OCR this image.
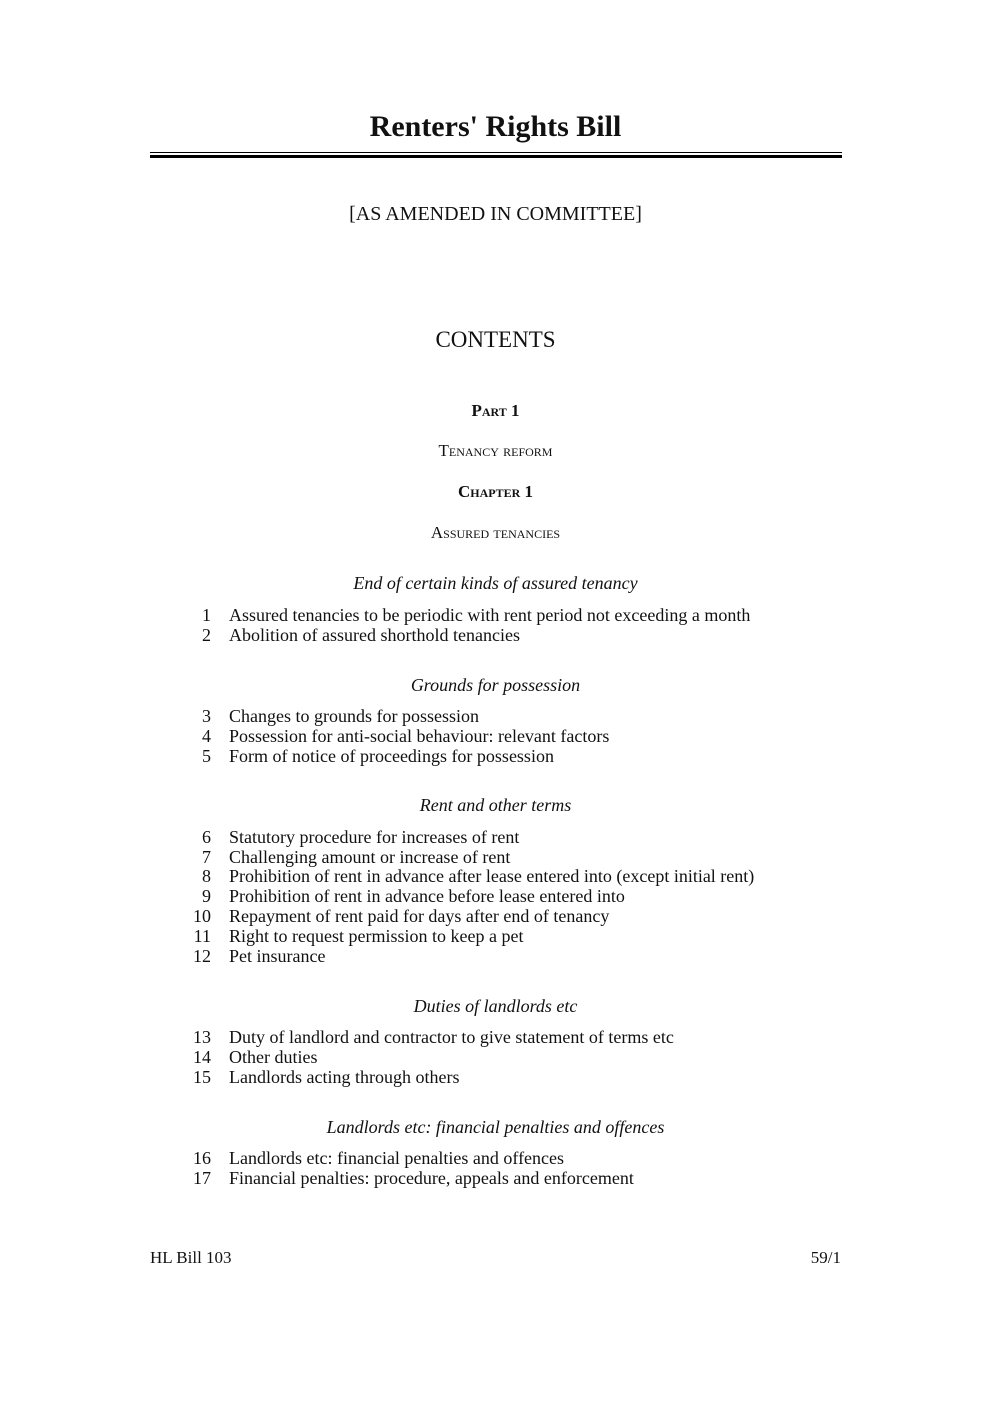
Renters' Rights Bill
[AS AMENDED IN COMMITTEE]
CONTENTS
Part 1
Tenancy reform
Chapter 1
Assured tenancies
End of certain kinds of assured tenancy
1 Assured tenancies to be periodic with rent period not exceeding a month
2 Abolition of assured shorthold tenancies
Grounds for possession
3 Changes to grounds for possession
4 Possession for anti-social behaviour: relevant factors
5 Form of notice of proceedings for possession
Rent and other terms
6 Statutory procedure for increases of rent
7 Challenging amount or increase of rent
8 Prohibition of rent in advance after lease entered into (except initial rent)
9 Prohibition of rent in advance before lease entered into
10 Repayment of rent paid for days after end of tenancy
11 Right to request permission to keep a pet
12 Pet insurance
Duties of landlords etc
13 Duty of landlord and contractor to give statement of terms etc
14 Other duties
15 Landlords acting through others
Landlords etc: financial penalties and offences
16 Landlords etc: financial penalties and offences
17 Financial penalties: procedure, appeals and enforcement
HL Bill 103	59/1
